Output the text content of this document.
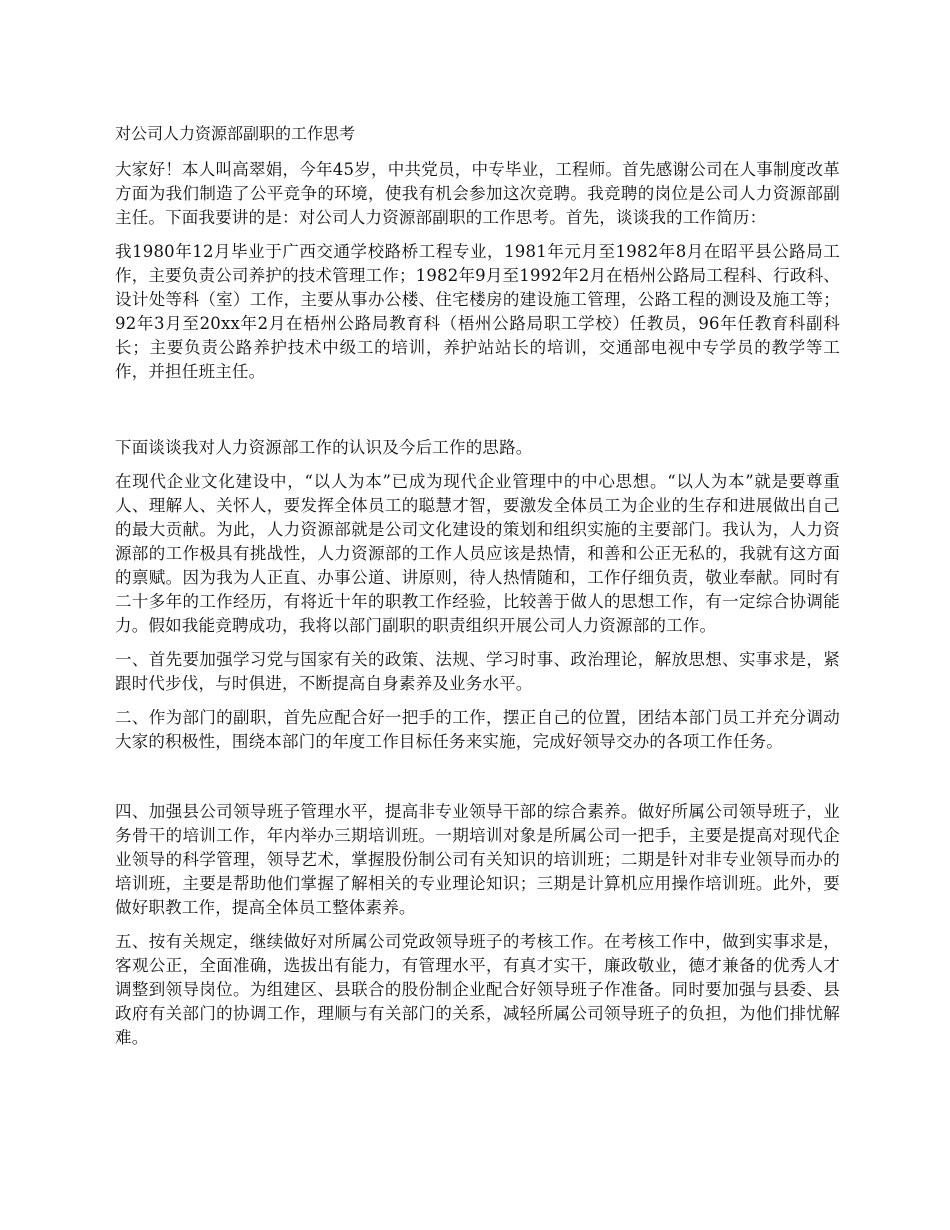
对公司人力资源部副职的工作思考

大家好！本人叫高翠娟，今年45岁，中共党员，中专毕业，工程师。首先感谢公司在人事制度改革方面为我们制造了公平竞争的环境，使我有机会参加这次竞聘。我竞聘的岗位是公司人力资源部副主任。下面我要讲的是：对公司人力资源部副职的工作思考。首先，谈谈我的工作简历：

我1980年12月毕业于广西交通学校路桥工程专业，1981年元月至1982年8月在昭平县公路局工作，主要负责公司养护的技术管理工作；1982年9月至1992年2月在梧州公路局工程科、行政科、设计处等科（室）工作，主要从事办公楼、住宅楼房的建设施工管理，公路工程的测设及施工等；92年3月至20xx年2月在梧州公路局教育科（梧州公路局职工学校）任教员，96年任教育科副科长；主要负责公路养护技术中级工的培训，养护站站长的培训，交通部电视中专学员的教学等工作，并担任班主任。

下面谈谈我对人力资源部工作的认识及今后工作的思路。

在现代企业文化建设中，“以人为本”已成为现代企业管理中的中心思想。“以人为本”就是要尊重人、理解人、关怀人，要发挥全体员工的聪慧才智，要激发全体员工为企业的生存和进展做出自己的最大贡献。为此，人力资源部就是公司文化建设的策划和组织实施的主要部门。我认为，人力资源部的工作极具有挑战性，人力资源部的工作人员应该是热情，和善和公正无私的，我就有这方面的禀赋。因为我为人正直、办事公道、讲原则，待人热情随和，工作仔细负责，敬业奉献。同时有二十多年的工作经历，有将近十年的职教工作经验，比较善于做人的思想工作，有一定综合协调能力。假如我能竞聘成功，我将以部门副职的职责组织开展公司人力资源部的工作。

一、首先要加强学习党与国家有关的政策、法规、学习时事、政治理论，解放思想、实事求是，紧跟时代步伐，与时俱进，不断提高自身素养及业务水平。

二、作为部门的副职，首先应配合好一把手的工作，摆正自己的位置，团结本部门员工并充分调动大家的积极性，围绕本部门的年度工作目标任务来实施，完成好领导交办的各项工作任务。

四、加强县公司领导班子管理水平，提高非专业领导干部的综合素养。做好所属公司领导班子，业务骨干的培训工作，年内举办三期培训班。一期培训对象是所属公司一把手，主要是提高对现代企业领导的科学管理，领导艺术，掌握股份制公司有关知识的培训班；二期是针对非专业领导而办的培训班，主要是帮助他们掌握了解相关的专业理论知识；三期是计算机应用操作培训班。此外，要做好职教工作，提高全体员工整体素养。

五、按有关规定，继续做好对所属公司党政领导班子的考核工作。在考核工作中，做到实事求是，客观公正，全面准确，选拔出有能力，有管理水平，有真才实干，廉政敬业，德才兼备的优秀人才调整到领导岗位。为组建区、县联合的股份制企业配合好领导班子作准备。同时要加强与县委、县政府有关部门的协调工作，理顺与有关部门的关系，减轻所属公司领导班子的负担，为他们排忧解难。
